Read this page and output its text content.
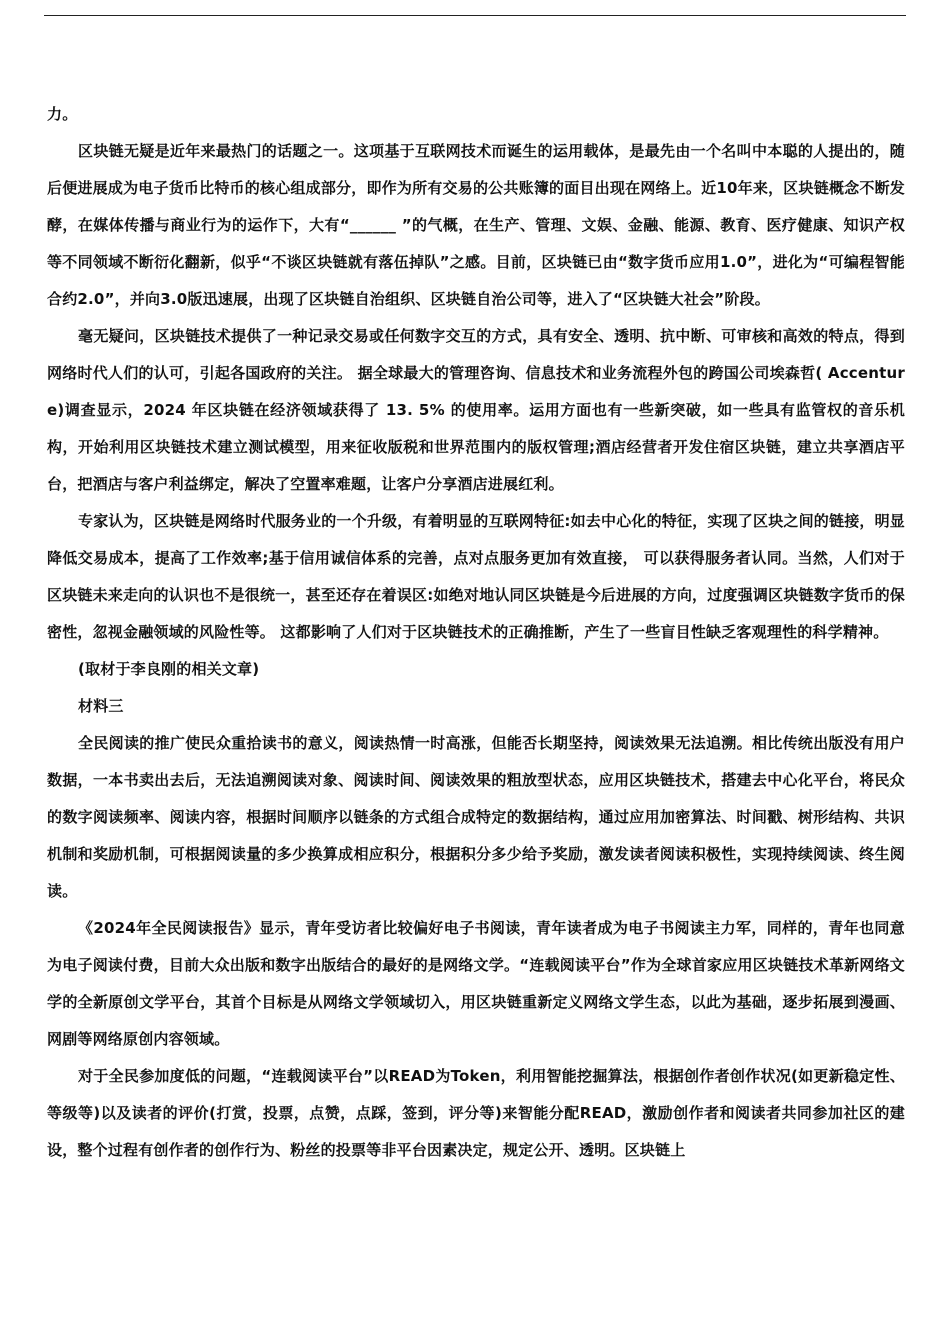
力。

区块链无疑是近年来最热门的话题之一。这项基于互联网技术而诞生的运用载体，是最先由一个名叫中本聪的人提出的，随后便进展成为电子货币比特币的核心组成部分，即作为所有交易的公共账簿的面目出现在网络上。近10年来，区块链概念不断发酵，在媒体传播与商业行为的运作下，大有“______ ”的气概，在生产、管理、文娱、金融、能源、教育、医疗健康、知识产权等不同领域不断衍化翻新，似乎“不谈区块链就有落伍掉队”之感。目前，区块链已由“数字货币应用1.0”，进化为“可编程智能合约2.0”，并向3.0版迅速展，出现了区块链自治组织、区块链自治公司等，进入了“区块链大社会”阶段。

毫无疑问，区块链技术提供了一种记录交易或任何数字交互的方式，具有安全、透明、抗中断、可审核和高效的特点，得到网络时代人们的认可，引起各国政府的关注。 据全球最大的管理咨询、信息技术和业务流程外包的跨国公司埃森哲( Accenture)调查显示，2024 年区块链在经济领域获得了 13. 5% 的使用率。运用方面也有一些新突破，如一些具有监管权的音乐机构，开始利用区块链技术建立测试模型，用来征收版税和世界范围内的版权管理;酒店经营者开发住宿区块链，建立共享酒店平台，把酒店与客户利益绑定，解决了空置率难题，让客户分享酒店进展红利。

专家认为，区块链是网络时代服务业的一个升级，有着明显的互联网特征:如去中心化的特征，实现了区块之间的链接，明显降低交易成本，提高了工作效率;基于信用诚信体系的完善，点对点服务更加有效直接， 可以获得服务者认同。当然，人们对于区块链未来走向的认识也不是很统一，甚至还存在着误区:如绝对地认同区块链是今后进展的方向，过度强调区块链数字货币的保密性，忽视金融领域的风险性等。 这都影响了人们对于区块链技术的正确推断，产生了一些盲目性缺乏客观理性的科学精神。

(取材于李良刚的相关文章)

材料三

全民阅读的推广使民众重拾读书的意义，阅读热情一时高涨，但能否长期坚持，阅读效果无法追溯。相比传统出版没有用户数据，一本书卖出去后，无法追溯阅读对象、阅读时间、阅读效果的粗放型状态，应用区块链技术，搭建去中心化平台，将民众的数字阅读频率、阅读内容，根据时间顺序以链条的方式组合成特定的数据结构，通过应用加密算法、时间戳、树形结构、共识机制和奖励机制，可根据阅读量的多少换算成相应积分，根据积分多少给予奖励，激发读者阅读积极性，实现持续阅读、终生阅读。

《2024年全民阅读报告》显示，青年受访者比较偏好电子书阅读，青年读者成为电子书阅读主力军，同样的，青年也同意为电子阅读付费，目前大众出版和数字出版结合的最好的是网络文学。“连载阅读平台”作为全球首家应用区块链技术革新网络文学的全新原创文学平台，其首个目标是从网络文学领域切入，用区块链重新定义网络文学生态，以此为基础，逐步拓展到漫画、网剧等网络原创内容领域。

对于全民参加度低的问题，“连载阅读平台”以READ为Token，利用智能挖掘算法，根据创作者创作状况(如更新稳定性、等级等)以及读者的评价(打赏，投票，点赞，点踩，签到，评分等)来智能分配READ，激励创作者和阅读者共同参加社区的建设，整个过程有创作者的创作行为、粉丝的投票等非平台因素决定，规定公开、透明。区块链上
